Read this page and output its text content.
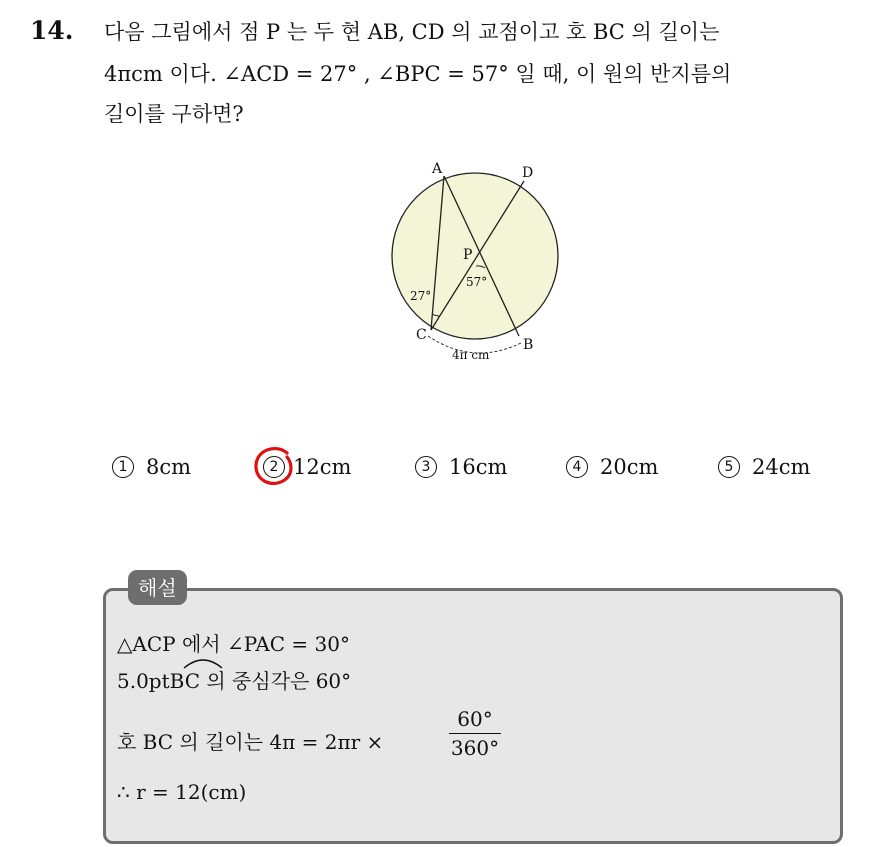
14. 다음 그림에서 점 P 는 두 현 AB, CD 의 교점이고 호 BC 의 길이는
4πcm 이다. ∠ACD = 27° , ∠BPC = 57° 일 때, 이 원의 반지름의
길이를 구하면?
A	D
P
C
B
27°
57°
4π cm
1 8cm	2 12cm	3 16cm	4 20cm	5 24cm
해설
△ACP 에서 ∠PAC = 30°
5.0ptBC 의 중심각은 60°
호 BC 의 길이는 4π = 2πr ×
60°
360°
∴ r = 12(cm)
